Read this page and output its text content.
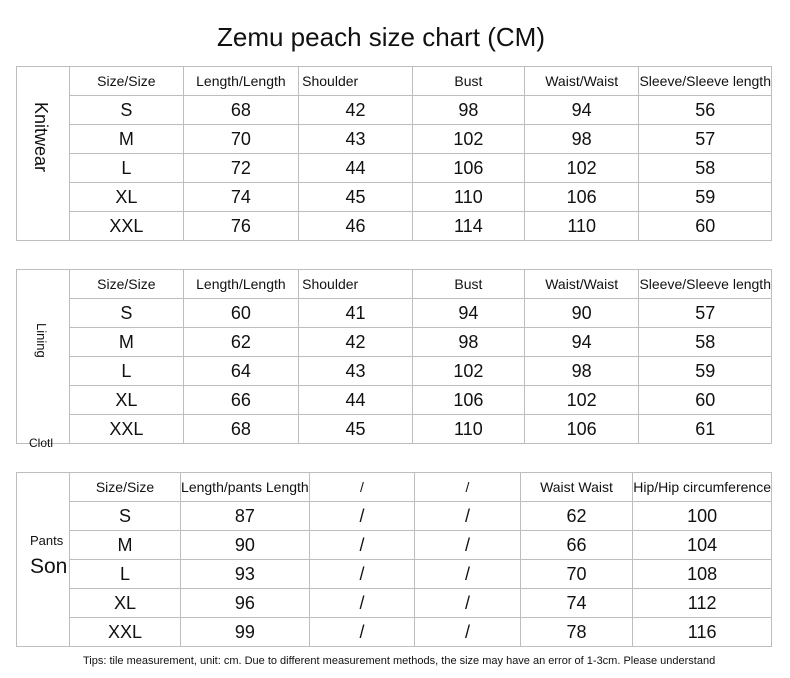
Zemu peach size chart (CM)
Knitwear
Size/Size	Length/Length	Shoulder	Bust	Waist/Waist	Sleeve/Sleeve length
S	68	42	98	94	56
M	70	43	102	98	57
L	72	44	106	102	58
XL	74	45	110	106	59
XXL	76	46	114	110	60
Lining
Clotl
Size/Size	Length/Length	Shoulder	Bust	Waist/Waist	Sleeve/Sleeve length
S	60	41	94	90	57
M	62	42	98	94	58
L	64	43	102	98	59
XL	66	44	106	102	60
XXL	68	45	110	106	61
Pants
Son
Size/Size	Length/pants Length	/	/	Waist Waist	Hip/Hip circumference
S	87	/	/	62	100
M	90	/	/	66	104
L	93	/	/	70	108
XL	96	/	/	74	112
XXL	99	/	/	78	116
Tips: tile measurement, unit: cm. Due to different measurement methods, the size may have an error of 1-3cm. Please understand
